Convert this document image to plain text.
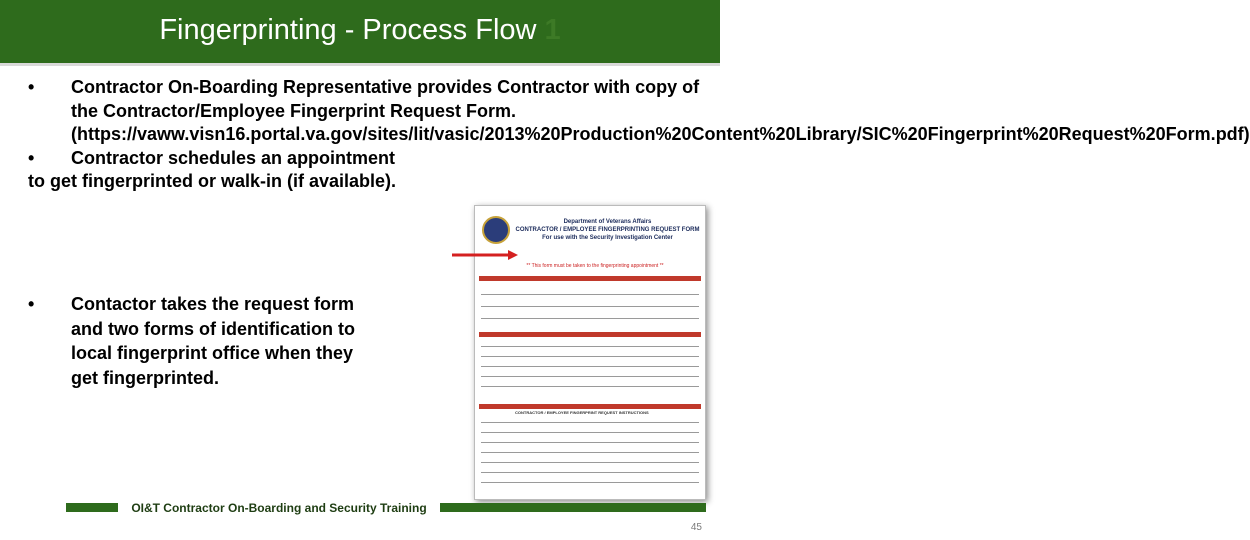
Fingerprinting - Process Flow 1
• Contractor On-Boarding Representative provides Contractor with copy of the Contractor/Employee Fingerprint Request Form. (https://vaww.visn16.portal.va.gov/sites/lit/vasic/2013%20Production%20Content%20Library/SIC%20Fingerprint%20Request%20Form.pdf)
• Contractor schedules an appointment
to get fingerprinted or walk-in (if available).
• Contactor takes the request form and two forms of identification to local fingerprint office when they get fingerprinted.
Department of Veterans Affairs
CONTRACTOR / EMPLOYEE FINGERPRINTING REQUEST FORM
For use with the Security Investigation Center
** This form must be taken to the fingerprinting appointment **
CONTRACTOR / EMPLOYEE FINGERPRINT REQUEST INSTRUCTIONS
OI&T Contractor On-Boarding and Security Training
45
